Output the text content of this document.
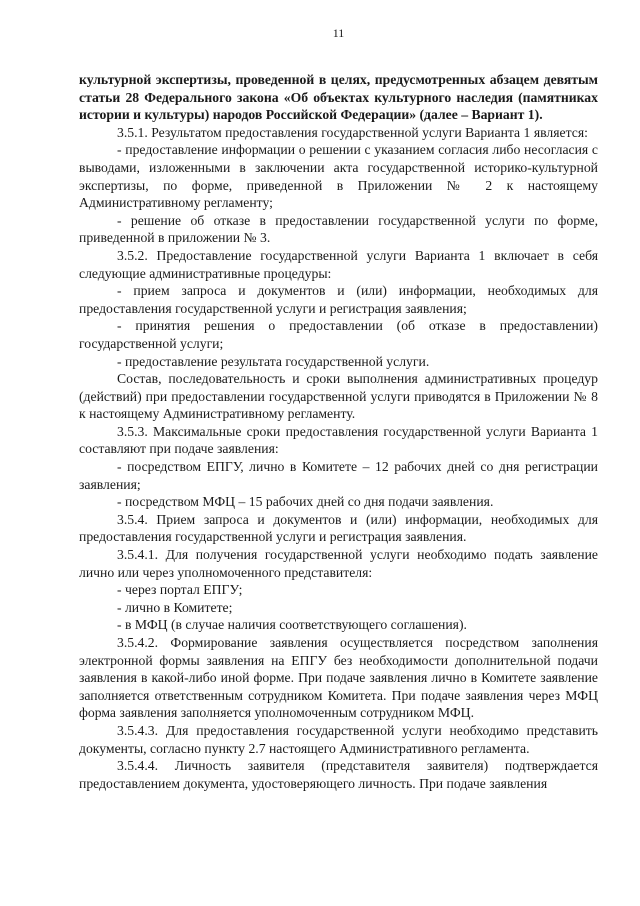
11

культурной экспертизы, проведенной в целях, предусмотренных абзацем девятым статьи 28 Федерального закона «Об объектах культурного наследия (памятниках истории и культуры) народов Российской Федерации» (далее – Вариант 1).

3.5.1. Результатом предоставления государственной услуги Варианта 1 является:

- предоставление информации о решении с указанием согласия либо несогласия с выводами, изложенными в заключении акта государственной историко-культурной экспертизы, по форме, приведенной в Приложении № 2 к настоящему Административному регламенту;

- решение об отказе в предоставлении государственной услуги по форме, приведенной в приложении № 3.

3.5.2. Предоставление государственной услуги Варианта 1 включает в себя следующие административные процедуры:

- прием запроса и документов и (или) информации, необходимых для предоставления государственной услуги и регистрация заявления;

- принятия решения о предоставлении (об отказе в предоставлении) государственной услуги;

- предоставление результата государственной услуги.

Состав, последовательность и сроки выполнения административных процедур (действий) при предоставлении государственной услуги приводятся в Приложении № 8 к настоящему Административному регламенту.

3.5.3. Максимальные сроки предоставления государственной услуги Варианта 1 составляют при подаче заявления:

- посредством ЕПГУ, лично в Комитете – 12 рабочих дней со дня регистрации заявления;

- посредством МФЦ – 15 рабочих дней со дня подачи заявления.

3.5.4. Прием запроса и документов и (или) информации, необходимых для предоставления государственной услуги и регистрация заявления.

3.5.4.1. Для получения государственной услуги необходимо подать заявление лично или через уполномоченного представителя:

- через портал ЕПГУ;

- лично в Комитете;

- в МФЦ (в случае наличия соответствующего соглашения).

3.5.4.2. Формирование заявления осуществляется посредством заполнения электронной формы заявления на ЕПГУ без необходимости дополнительной подачи заявления в какой-либо иной форме. При подаче заявления лично в Комитете заявление заполняется ответственным сотрудником Комитета. При подаче заявления через МФЦ форма заявления заполняется уполномоченным сотрудником МФЦ.

3.5.4.3. Для предоставления государственной услуги необходимо представить документы, согласно пункту 2.7 настоящего Административного регламента.

3.5.4.4. Личность заявителя (представителя заявителя) подтверждается предоставлением документа, удостоверяющего личность. При подаче заявления
